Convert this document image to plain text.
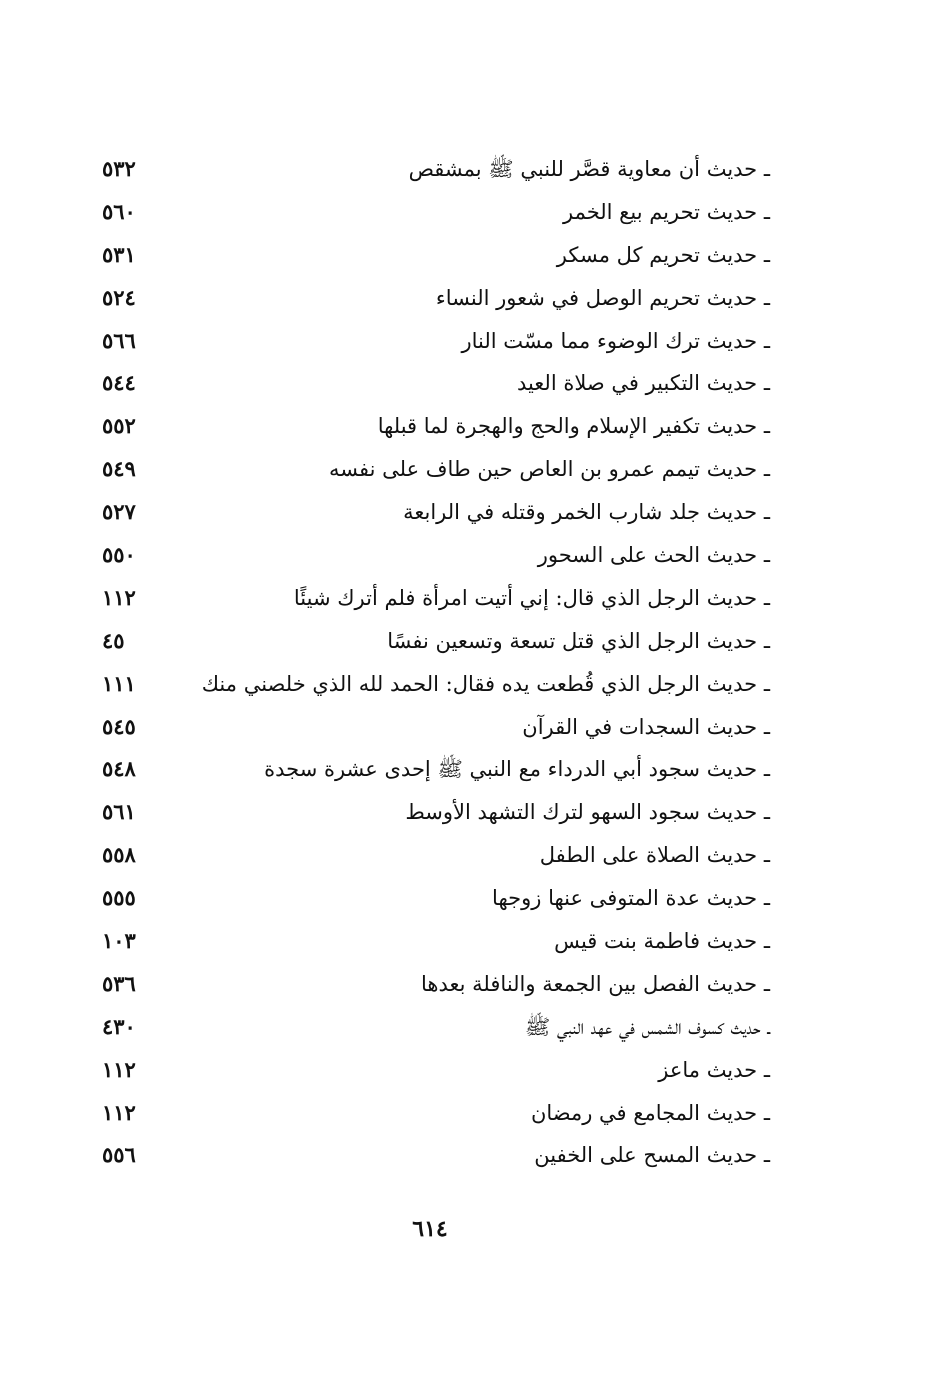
ـ حديث أن معاوية قصَّر للنبي ﷺ بمشقص
٥٣٢
ـ حديث تحريم بيع الخمر
٥٦٠
ـ حديث تحريم كل مسكر
٥٣١
ـ حديث تحريم الوصل في شعور النساء
٥٢٤
ـ حديث ترك الوضوء مما مسّت النار
٥٦٦
ـ حديث التكبير في صلاة العيد
٥٤٤
ـ حديث تكفير الإسلام والحج والهجرة لما قبلها
٥٥٢
ـ حديث تيمم عمرو بن العاص حين طاف على نفسه
٥٤٩
ـ حديث جلد شارب الخمر وقتله في الرابعة
٥٢٧
ـ حديث الحث على السحور
٥٥٠
ـ حديث الرجل الذي قال: إني أتيت امرأة فلم أترك شيئًا
١١٢
ـ حديث الرجل الذي قتل تسعة وتسعين نفسًا
٤٥
ـ حديث الرجل الذي قُطعت يده فقال: الحمد لله الذي خلصني منك
١١١
ـ حديث السجدات في القرآن
٥٤٥
ـ حديث سجود أبي الدرداء مع النبي ﷺ إحدى عشرة سجدة
٥٤٨
ـ حديث سجود السهو لترك التشهد الأوسط
٥٦١
ـ حديث الصلاة على الطفل
٥٥٨
ـ حديث عدة المتوفى عنها زوجها
٥٥٥
ـ حديث فاطمة بنت قيس
١٠٣
ـ حديث الفصل بين الجمعة والنافلة بعدها
٥٣٦
ـ حديث كسوف الشمس في عهد النبي ﷺ
٤٣٠
ـ حديث ماعز
١١٢
ـ حديث المجامع في رمضان
١١٢
ـ حديث المسح على الخفين
٥٥٦
٦١٤
